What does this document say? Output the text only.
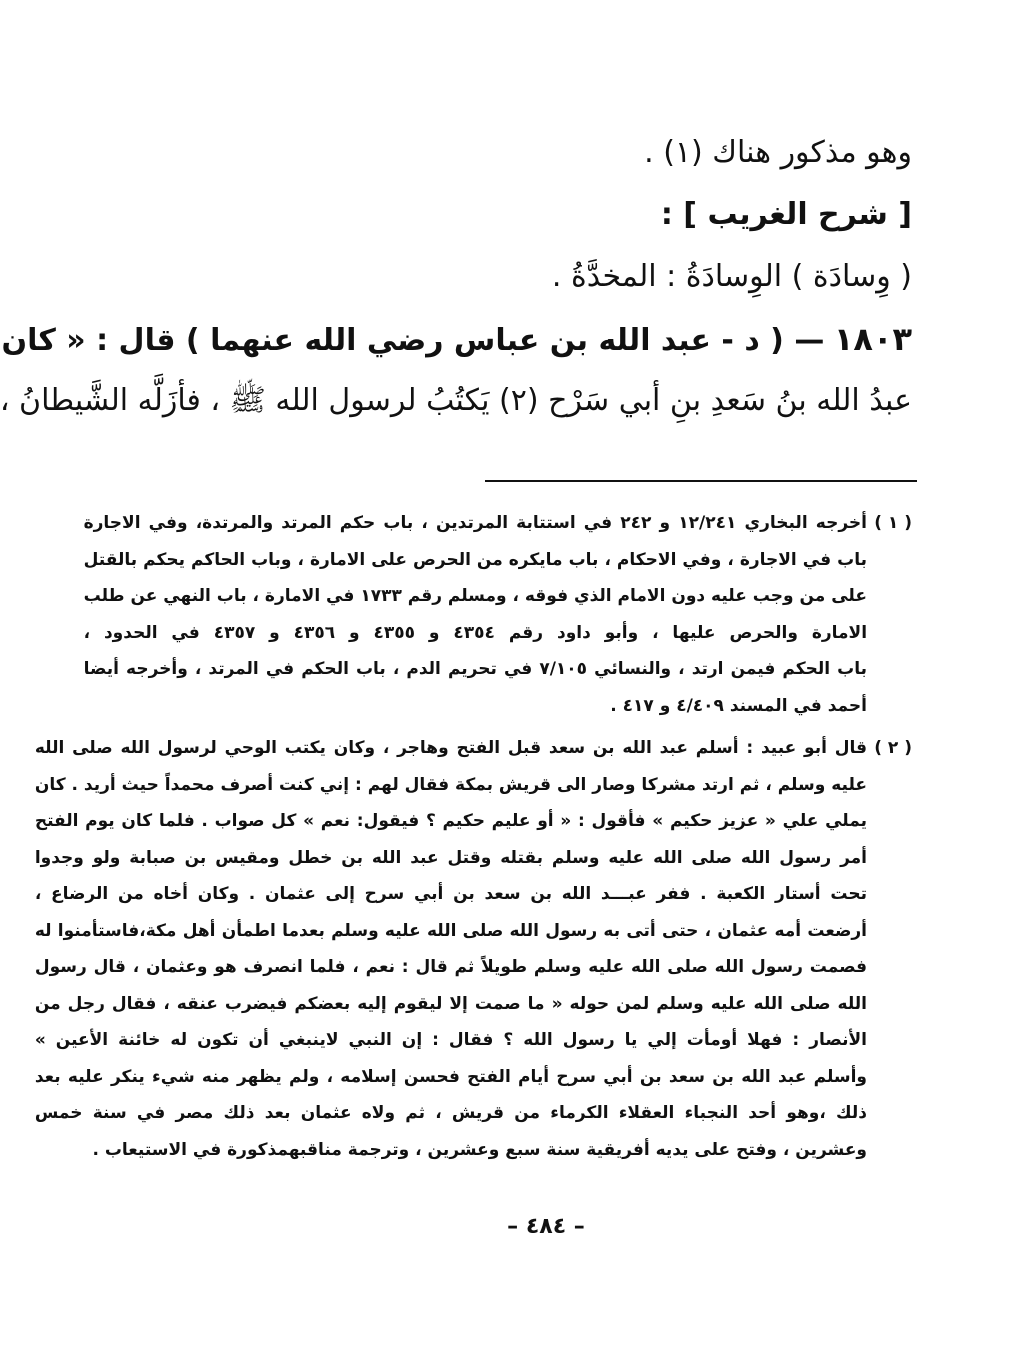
وهو مذكور هناك (١) .
[ شرح الغريب ] :
( وِسادَة ) الوِسادَةُ : المخدَّةُ .
١٨٠٣ — ( د - عبد الله بن عباس رضي الله عنهما ) قال : « كان
عبدُ الله بنُ سَعدِ بنِ أبي سَرْح (٢) يَكتُبُ لرسول الله ﷺ ، فأزَلَّه الشَّيطانُ ،
( ١ )
أخرجه البخاري ١٢/٢٤١ و ٢٤٢ في استتابة المرتدين ، باب حكم المرتد والمرتدة، وفي الاجارة
باب في الاجارة ، وفي الاحكام ، باب مايكره من الحرص على الامارة ، وباب الحاكم يحكم بالقتل
على من وجب عليه دون الامام الذي فوقه ، ومسلم رقم ١٧٣٣ في الامارة ، باب النهي عن طلب
الامارة والحرص عليها ، وأبو داود رقم ٤٣٥٤ و ٤٣٥٥ و ٤٣٥٦ و ٤٣٥٧ في الحدود ،
باب الحكم فيمن ارتد ، والنسائي ٧/١٠٥ في تحريم الدم ، باب الحكم في المرتد ، وأخرجه أيضا
أحمد في المسند ٤/٤٠٩ و ٤١٧ .
( ٢ )
قال أبو عبيد : أسلم عبد الله بن سعد قبل الفتح وهاجر ، وكان يكتب الوحي لرسول الله صلى الله
عليه وسلم ، ثم ارتد مشركا وصار الى قريش بمكة فقال لهم : إني كنت أصرف محمداً حيث أريد . كان
يملي علي « عزيز حكيم » فأقول : « أو عليم حكيم ؟ فيقول: نعم » كل صواب . فلما كان يوم الفتح
أمر رسول الله صلى الله عليه وسلم بقتله وقتل عبد الله بن خطل ومقيس بن صبابة ولو وجدوا
تحت أستار الكعبة . ففر عبـــد الله بن سعد بن أبي سرح إلى عثمان . وكان أخاه من الرضاع ،
أرضعت أمه عثمان ، حتى أتى به رسول الله صلى الله عليه وسلم بعدما اطمأن أهل مكة،فاستأمنوا له
فصمت رسول الله صلى الله عليه وسلم طويلاً ثم قال : نعم ، فلما انصرف هو وعثمان ، قال رسول
الله صلى الله عليه وسلم لمن حوله « ما صمت إلا ليقوم إليه بعضكم فيضرب عنقه ، فقال رجل من
الأنصار : فهلا أومأت إلي يا رسول الله ؟ فقال : إن النبي لاينبغي أن تكون له خائنة الأعين »
وأسلم عبد الله بن سعد بن أبي سرح أيام الفتح فحسن إسلامه ، ولم يظهر منه شيء ينكر عليه بعد
ذلك ،وهو أحد النجباء العقلاء الكرماء من قريش ، ثم ولاه عثمان بعد ذلك مصر في سنة خمس
وعشرين ، وفتح على يديه أفريقية سنة سبع وعشرين ، وترجمة مناقبهمذكورة في الاستيعاب .
– ٤٨٤ –
